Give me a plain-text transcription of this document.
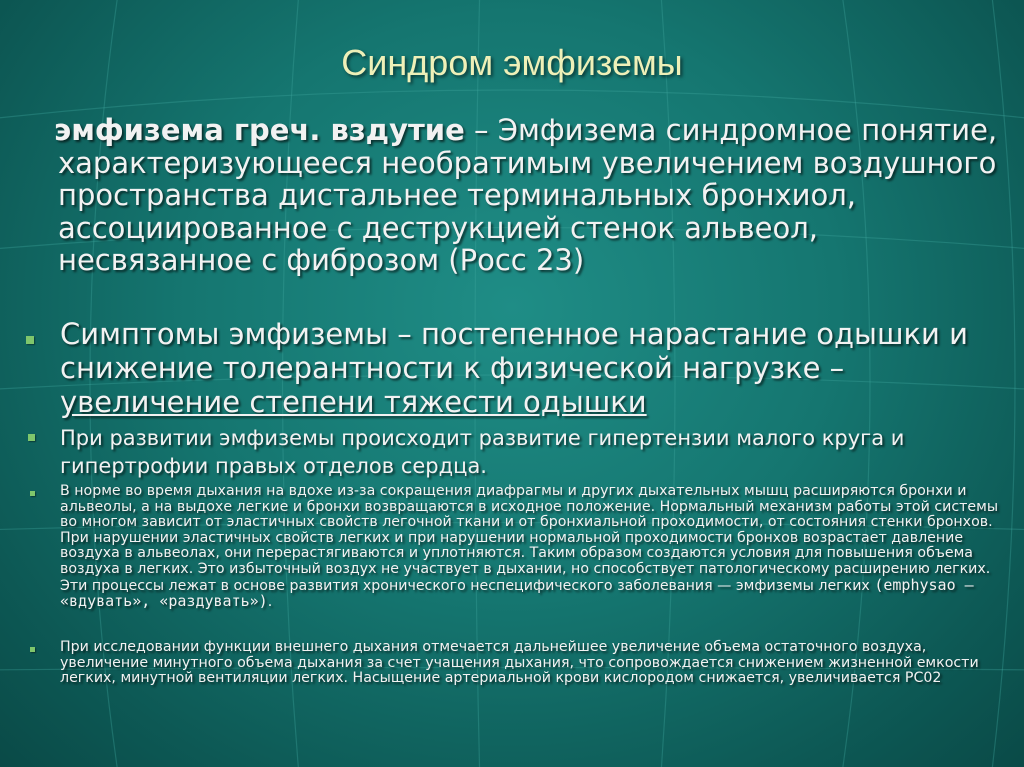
Синдром эмфиземы
эмфизема греч. вздутие – Эмфизема синдромное понятие, характеризующееся необратимым увеличением воздушного пространства дистальнее терминальных бронхиол, ассоциированное с деструкцией стенок альвеол, несвязанное с фиброзом (Росс 23)
Симптомы эмфиземы – постепенное нарастание одышки и снижение толерантности к физической нагрузке – увеличение степени тяжести одышки
При развитии эмфиземы происходит развитие гипертензии малого круга и гипертрофии правых отделов сердца.
В норме во время дыхания на вдохе из-за сокращения диафрагмы и других дыхательных мышц расширяются бронхи и альвеолы, а на выдохе легкие и бронхи возвращаются в исходное положение. Нормальный механизм работы этой системы во многом зависит от эластичных свойств легочной ткани и от бронхиальной проходимости, от состояния стенки бронхов. При нарушении эластичных свойств легких и при нарушении нормальной проходимости бронхов возрастает давление воздуха в альвеолах, они перерастягиваются и уплотняются. Таким образом создаются условия для повышения объема воздуха в легких. Это избыточный воздух не участвует в дыхании, но способствует патологическому расширению легких. Эти процессы лежат в основе развития хронического неспецифического заболевания — эмфиземы легких (emphysao — «вдувать», «раздувать»).
При исследовании функции внешнего дыхания отмечается дальнейшее увеличение объема остаточного воздуха, увеличение минутного объема дыхания за счет учащения дыхания, что сопровождается снижением жизненной емкости легких, минутной вентиляции легких. Насыщение артериальной крови кислородом снижается, увеличивается РС02
